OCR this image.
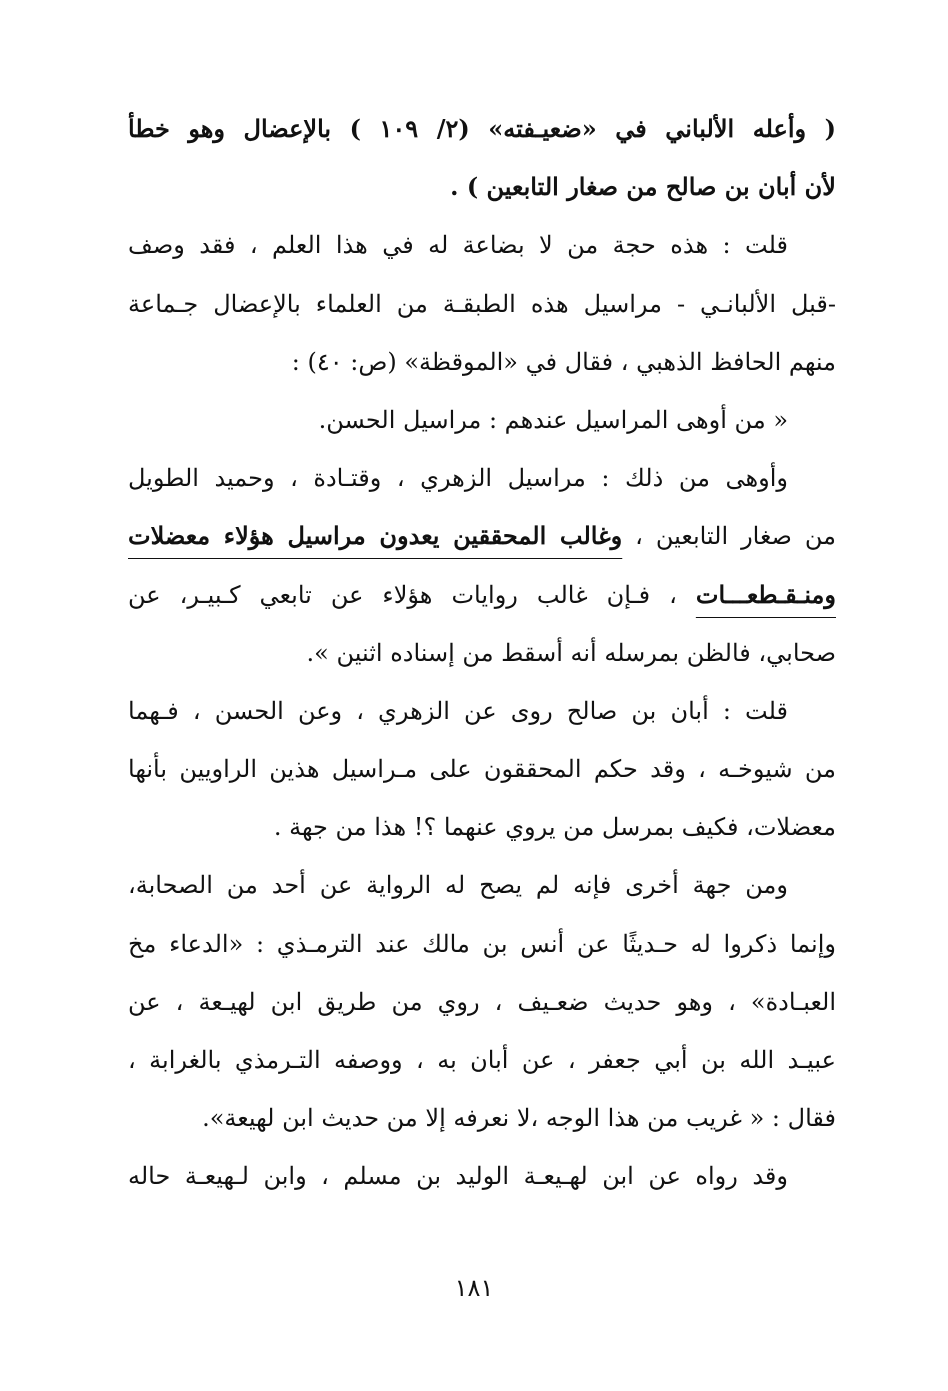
( وأعله الألباني في «ضعيـفته» (٢/ ١٠٩ ) بالإعضال وهو خطأ
لأن أبان بن صالح من صغار التابعين ) .
قلت : هذه حجة من لا بضاعة له في هذا العلم ، فقد وصف
-قبل الألبانـي - مراسيل هذه الطبقـة من العلماء بالإعضال جـماعة
منهم الحافظ الذهبي ، فقال في «الموقظة» (ص: ٤٠) :
« من أوهى المراسيل عندهم : مراسيل الحسن.
وأوهى من ذلك : مراسيل الزهري ، وقتـادة ، وحميد الطويل
من صغار التابعين ، وغالب المحققين يعدون مراسيل هؤلاء معضلات
ومنـقـطعـــات ، فـإن غالب روايات هؤلاء عن تابعي كـبيـر، عن
صحابي، فالظن بمرسله أنه أسقط من إسناده اثنين ».
قلت : أبان بن صالح روى عن الزهري ، وعن الحسن ، فـهما
من شيوخـه ، وقد حكم المحققون على مـراسيل هذين الراويين بأنها
معضلات، فكيف بمرسل من يروي عنهما ؟! هذا من جهة .
ومن جهة أخرى فإنه لم يصح له الرواية عن أحد من الصحابة،
وإنما ذكروا له حـديثًا عن أنس بن مالك عند الترمـذي : «الدعاء مخ
العبـادة» ، وهو حديث ضعـيف ، روي من طريق ابن لهيـعة ، عن
عبيـد الله بن أبي جعفر ، عن أبان به ، ووصفه التـرمذي بالغرابة ،
فقال : « غريب من هذا الوجه ،لا نعرفه إلا من حديث ابن لهيعة».
وقد رواه عن ابن لهـيعـة الوليد بن مسلم ، وابن لـهيعـة حاله
١٨١
